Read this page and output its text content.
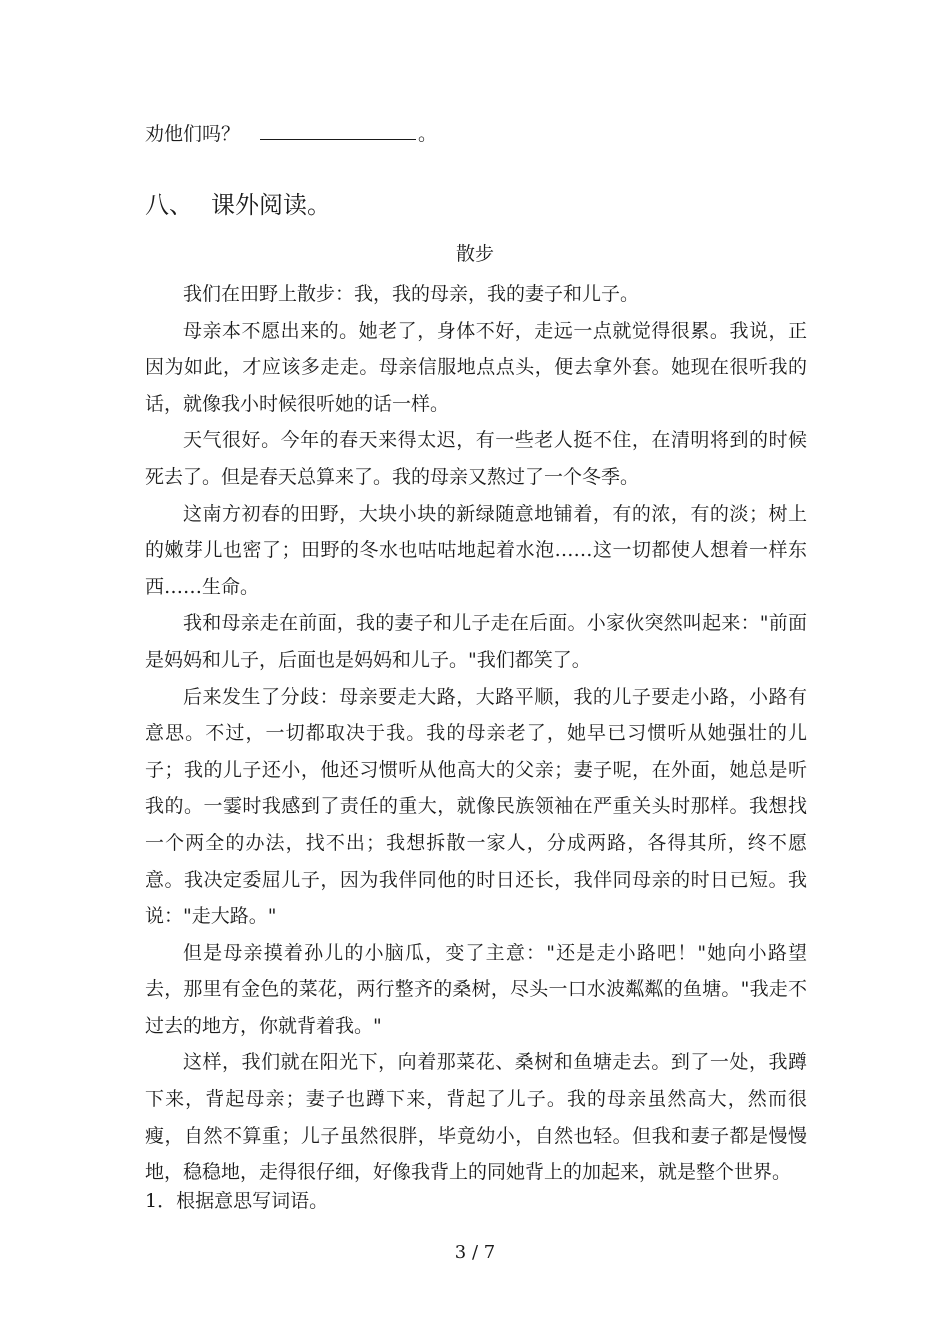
劝他们吗？	。
八、 课外阅读。
散步

我们在田野上散步：我，我的母亲，我的妻子和儿子。

母亲本不愿出来的。她老了，身体不好，走远一点就觉得很累。我说，正因为如此，才应该多走走。母亲信服地点点头，便去拿外套。她现在很听我的话，就像我小时候很听她的话一样。

天气很好。今年的春天来得太迟，有一些老人挺不住，在清明将到的时候死去了。但是春天总算来了。我的母亲又熬过了一个冬季。

这南方初春的田野，大块小块的新绿随意地铺着，有的浓，有的淡；树上的嫩芽儿也密了；田野的冬水也咕咕地起着水泡……这一切都使人想着一样东西……生命。

我和母亲走在前面，我的妻子和儿子走在后面。小家伙突然叫起来："前面是妈妈和儿子，后面也是妈妈和儿子。"我们都笑了。

后来发生了分歧：母亲要走大路，大路平顺，我的儿子要走小路，小路有意思。不过，一切都取决于我。我的母亲老了，她早已习惯听从她强壮的儿子；我的儿子还小，他还习惯听从他高大的父亲；妻子呢，在外面，她总是听我的。一霎时我感到了责任的重大，就像民族领袖在严重关头时那样。我想找一个两全的办法，找不出；我想拆散一家人，分成两路，各得其所，终不愿意。我决定委屈儿子，因为我伴同他的时日还长，我伴同母亲的时日已短。我说："走大路。"

但是母亲摸着孙儿的小脑瓜，变了主意："还是走小路吧！"她向小路望去，那里有金色的菜花，两行整齐的桑树，尽头一口水波粼粼的鱼塘。"我走不过去的地方，你就背着我。"

这样，我们就在阳光下，向着那菜花、桑树和鱼塘走去。到了一处，我蹲下来，背起母亲；妻子也蹲下来，背起了儿子。我的母亲虽然高大，然而很瘦，自然不算重；儿子虽然很胖，毕竟幼小，自然也轻。但我和妻子都是慢慢地，稳稳地，走得很仔细，好像我背上的同她背上的加起来，就是整个世界。

1．根据意思写词语。
3 / 7
